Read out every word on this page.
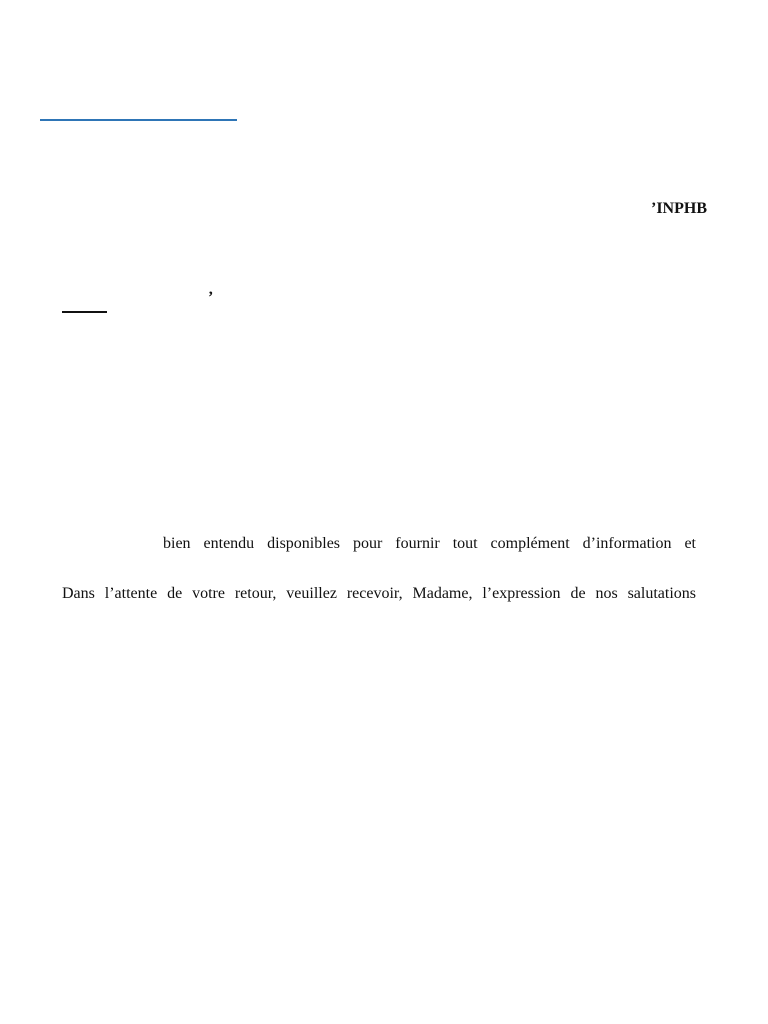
’INPHB
’
bien entendu disponibles pour fournir tout complément d’information et
Dans l’attente de votre retour, veuillez recevoir, Madame, l’expression de nos salutations
